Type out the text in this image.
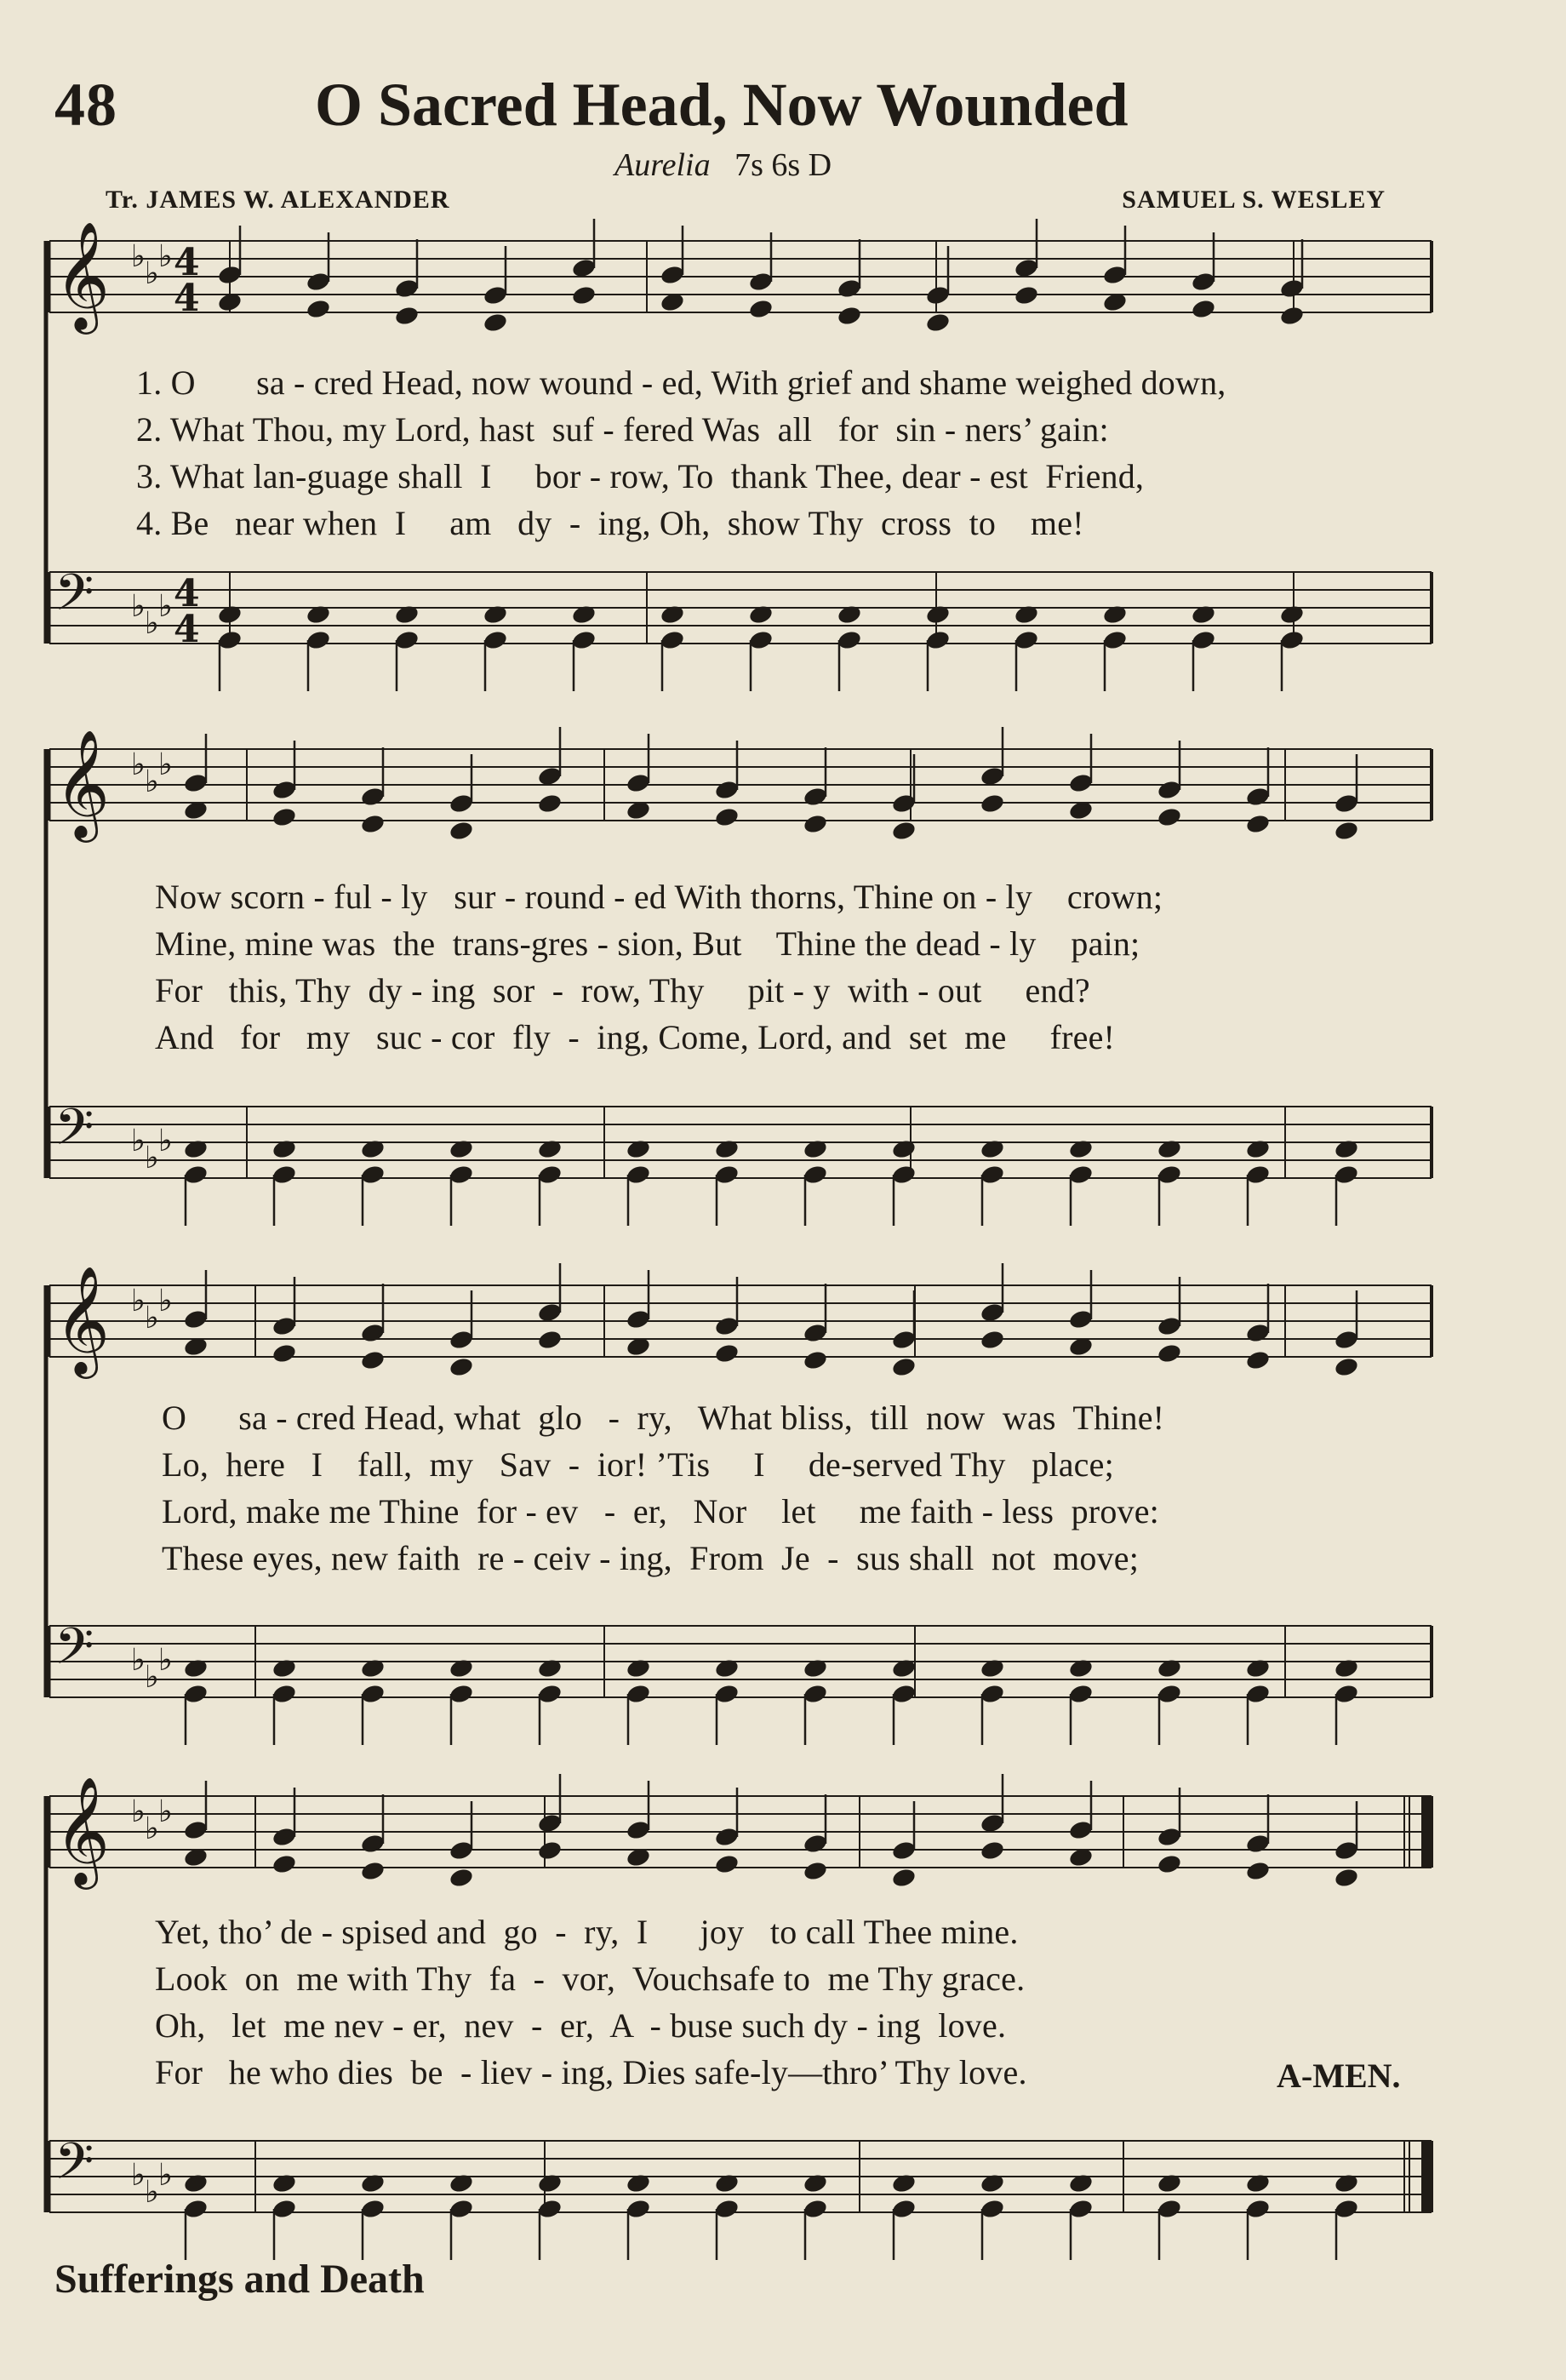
48	O Sacred Head, Now Wounded
Aurelia 7s 6s D
Tr. JAMES W. ALEXANDER	SAMUEL S. WESLEY
𝄞 ♭ ♭ ♭ 4
4
𝄢 ♭ ♭ ♭ 4
4
𝄞 ♭ ♭ ♭
𝄢 ♭ ♭ ♭
𝄞 ♭ ♭ ♭
𝄢 ♭ ♭ ♭
𝄞 ♭ ♭ ♭
𝄢 ♭ ♭ ♭
1. O       sa - cred Head, now wound - ed, With grief and shame weighed down,
2. What Thou, my Lord, hast  suf - fered Was  all   for  sin - ners’ gain:
3. What lan-guage shall  I     bor - row, To  thank Thee, dear - est  Friend,
4. Be   near when  I     am   dy  -  ing, Oh,  show Thy  cross  to    me!
Now scorn - ful - ly   sur - round - ed With thorns, Thine on - ly    crown;
Mine, mine was  the  trans-gres - sion, But    Thine the dead - ly    pain;
For   this, Thy  dy - ing  sor  -  row, Thy     pit - y  with - out     end?
And   for   my   suc - cor  fly  -  ing, Come, Lord, and  set  me     free!
O      sa - cred Head, what  glo   -  ry,   What bliss,  till  now  was  Thine!
Lo,  here   I    fall,  my   Sav  -  ior! ’Tis     I     de-served Thy   place;
Lord, make me Thine  for - ev   -  er,   Nor    let     me faith - less  prove:
These eyes, new faith  re - ceiv - ing,  From  Je  -  sus shall  not  move;
Yet, tho’ de - spised and  go  -  ry,  I      joy   to call Thee mine.
Look  on  me with Thy  fa  -  vor,  Vouchsafe to  me Thy grace.
Oh,   let  me nev - er,  nev  -  er,  A  - buse such dy - ing  love.
For   he who dies  be  - liev - ing, Dies safe-ly—thro’ Thy love.	A-MEN.
Sufferings and Death
